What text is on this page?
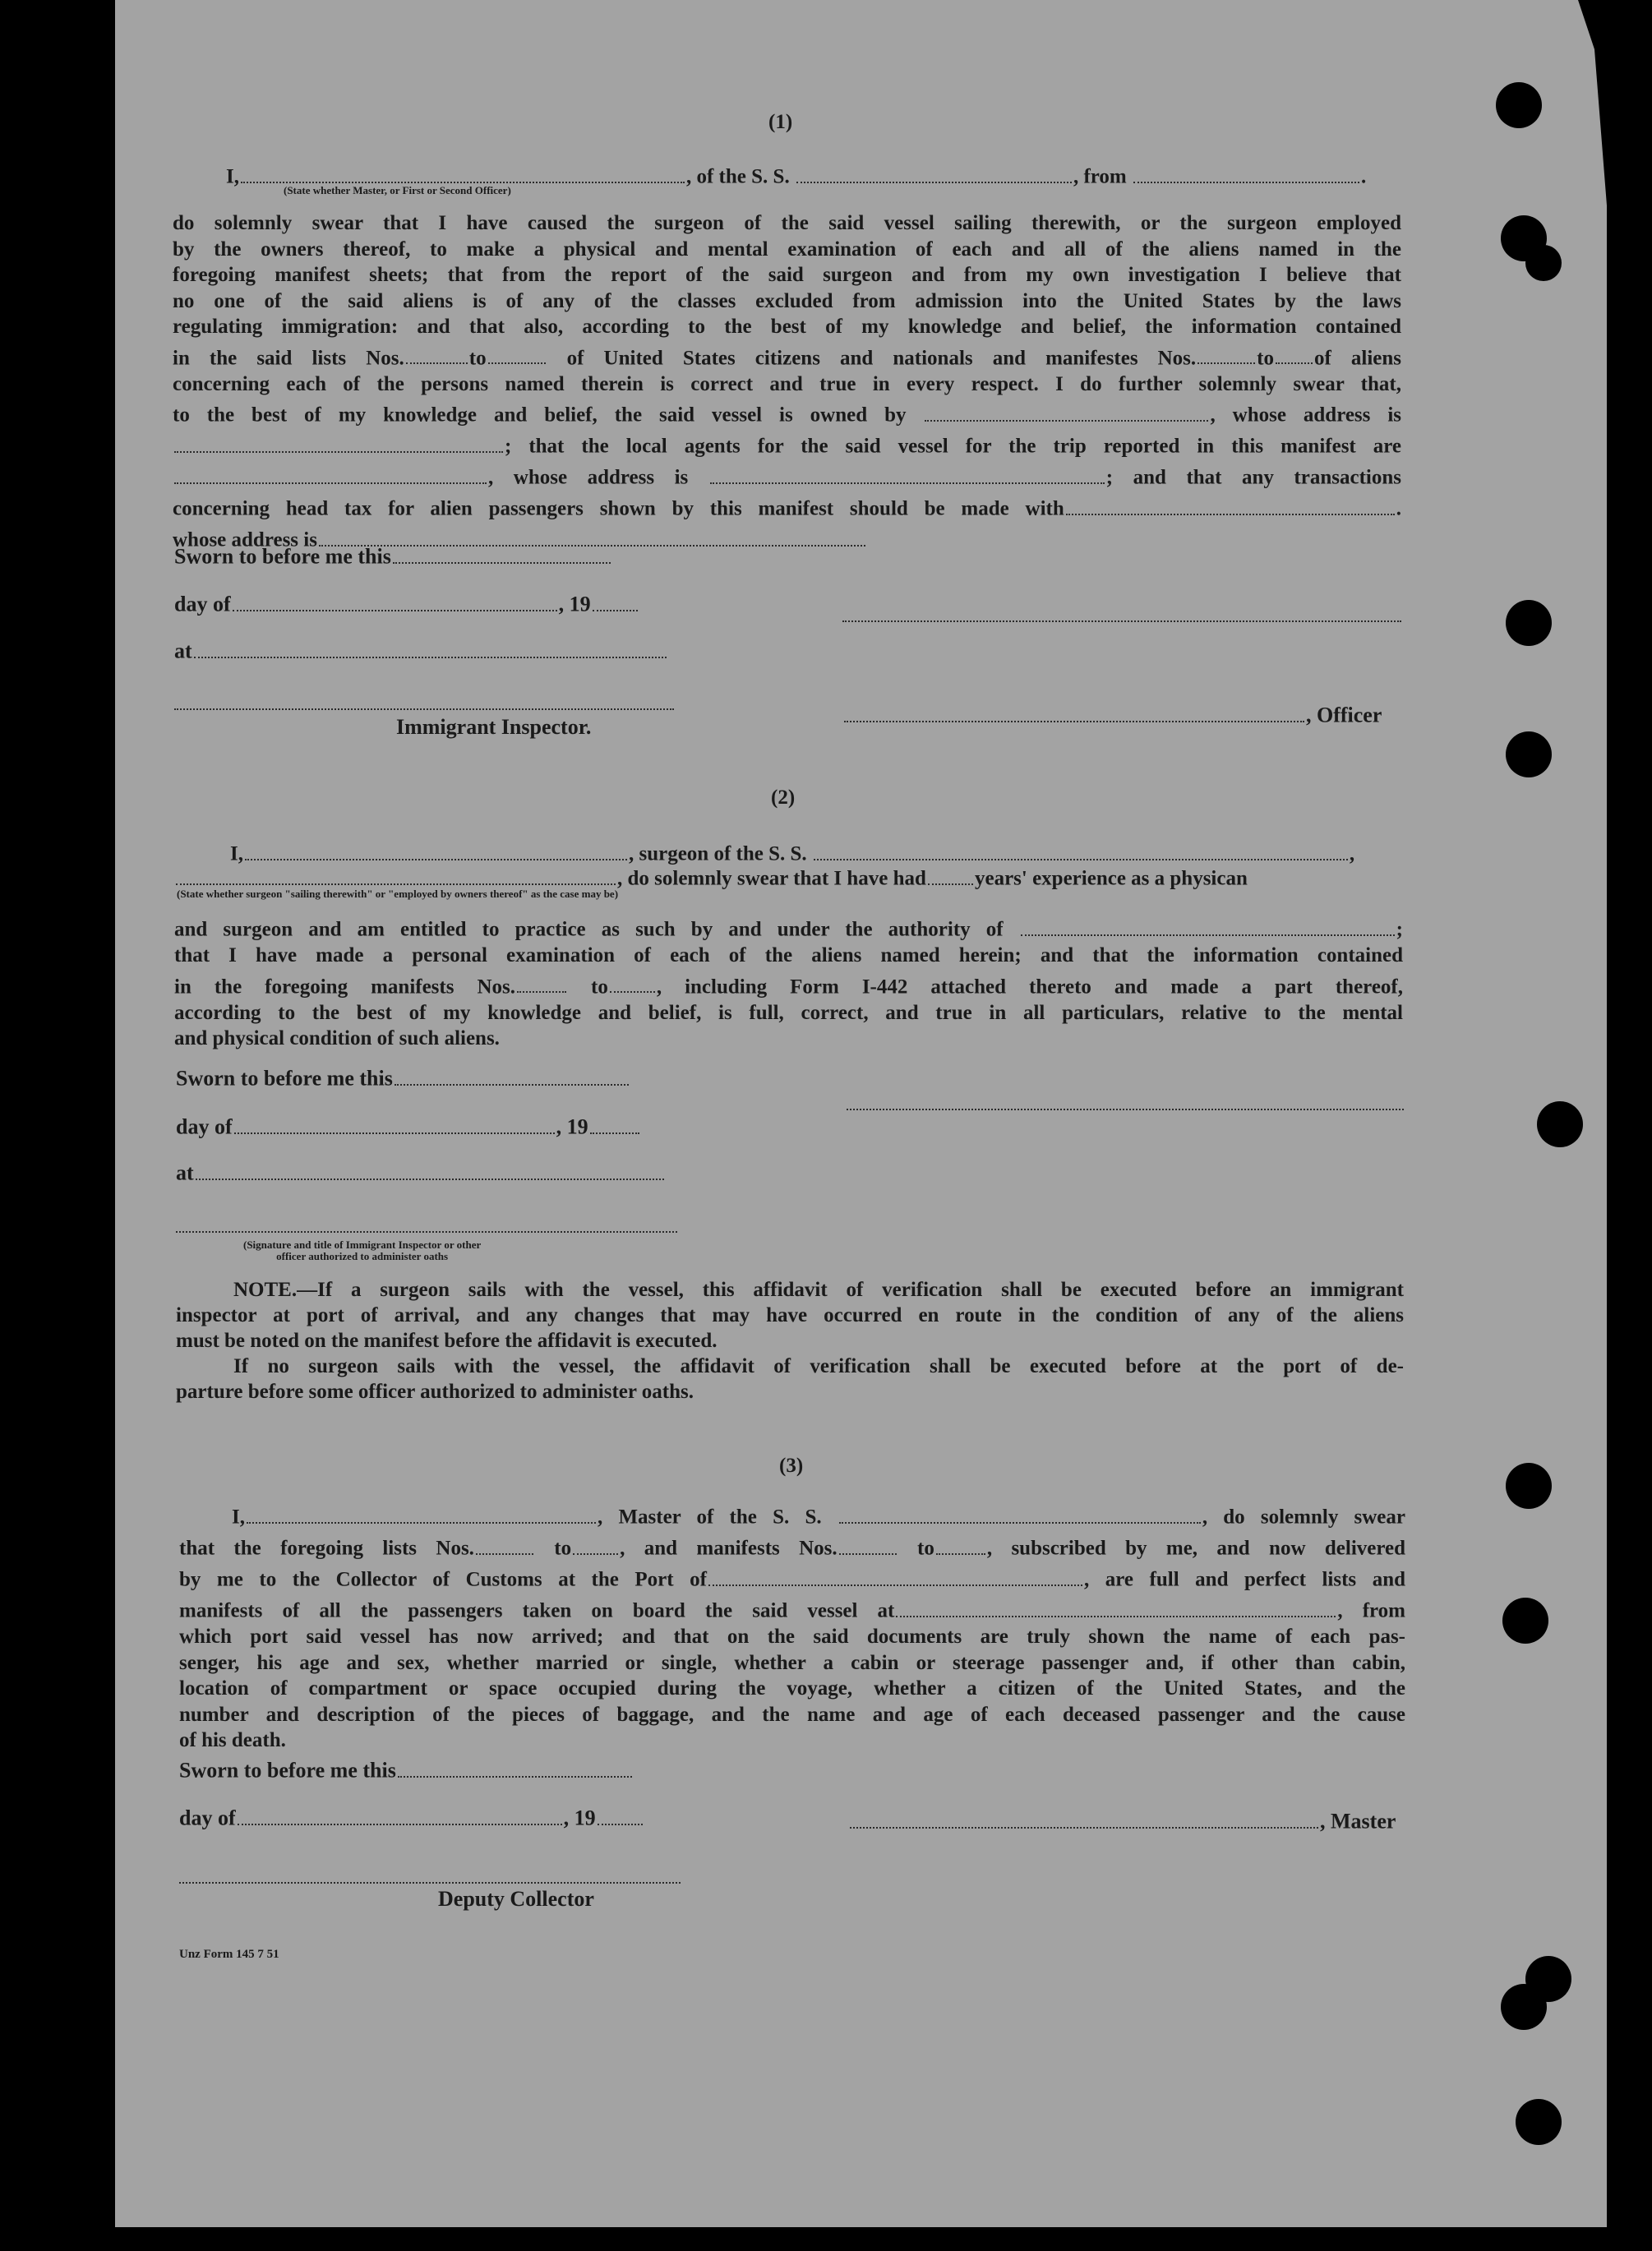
(1)
I,	, of the S. S.	, from	.
(State whether Master, or First or Second Officer)
do solemnly swear that I have caused the surgeon of the said vessel sailing therewith, or the surgeon employed
by the owners thereof, to make a physical and mental examination of each and all of the aliens named in the
foregoing manifest sheets; that from the report of the said surgeon and from my own investigation I believe that
no one of the said aliens is of any of the classes excluded from admission into the United States by the laws
regulating immigration: and that also, according to the best of my knowledge and belief, the information contained
in the said lists Nos.	to	of United States citizens and nationals and manifestes Nos.	to of aliens
concerning each of the persons named therein is correct and true in every respect. I do further solemnly swear that,
to the best of my knowledge and belief, the said vessel is owned by	, whose address is
; that the local agents for the said vessel for the trip reported in this manifest are
, whose address is	; and that any transactions
concerning head tax for alien passengers shown by this manifest should be made with	.
whose address is
Sworn to before me this
day of	, 19
at
, Officer
Immigrant Inspector.
(2)
I,	, surgeon of the S. S.	,
, do solemnly swear that I have had years' experience as a physican
(State whether surgeon "sailing therewith" or "employed by owners thereof" as the case may be)
and surgeon and am entitled to practice as such by and under the authority of	;
that I have made a personal examination of each of the aliens named herein; and that the information contained
in the foregoing manifests Nos.	to , including Form I-442 attached thereto and made a part thereof,
according to the best of my knowledge and belief, is full, correct, and true in all particulars, relative to the mental
and physical condition of such aliens.
Sworn to before me this
day of	, 19
at
(Signature and title of Immigrant Inspector or other
officer authorized to administer oaths
NOTE.—If a surgeon sails with the vessel, this affidavit of verification shall be executed before an immigrant
inspector at port of arrival, and any changes that may have occurred en route in the condition of any of the aliens
must be noted on the manifest before the affidavit is executed.
If no surgeon sails with the vessel, the affidavit of verification shall be executed before at the port of de-
parture before some officer authorized to administer oaths.
(3)
I,	, Master of the S. S.	, do solemnly swear
that the foregoing lists Nos.	to , and manifests Nos.	to	, subscribed by me, and now delivered
by me to the Collector of Customs at the Port of	, are full and perfect lists and
manifests of all the passengers taken on board the said vessel at	, from
which port said vessel has now arrived; and that on the said documents are truly shown the name of each pas-
senger, his age and sex, whether married or single, whether a cabin or steerage passenger and, if other than cabin,
location of compartment or space occupied during the voyage, whether a citizen of the United States, and the
number and description of the pieces of baggage, and the name and age of each deceased passenger and the cause
of his death.
Sworn to before me this
day of	, 19	, Master
Deputy Collector
Unz Form 145 7 51
